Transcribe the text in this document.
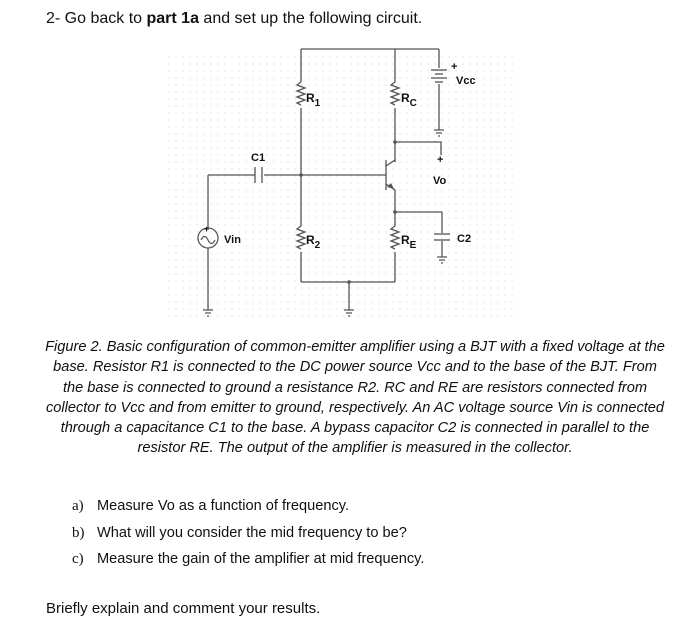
2- Go back to part 1a and set up the following circuit.
$R_1$	$R_C$
$R_2$	$R_E$
C1
C2
Vin
Vcc
Vo
+
+
+
Figure 2. Basic configuration of common-emitter amplifier using a BJT with a fixed voltage at the base. Resistor R1 is connected to the DC power source Vcc and to the base of the BJT. From the base is connected to ground a resistance R2. RC and RE are resistors connected from collector to Vcc and from emitter to ground, respectively. An AC voltage source Vin is connected through a capacitance C1 to the base. A bypass capacitor C2 is connected in parallel to the resistor RE. The output of the amplifier is measured in the collector.
a) Measure Vo as a function of frequency.
b) What will you consider the mid frequency to be?
c) Measure the gain of the amplifier at mid frequency.
Briefly explain and comment your results.
